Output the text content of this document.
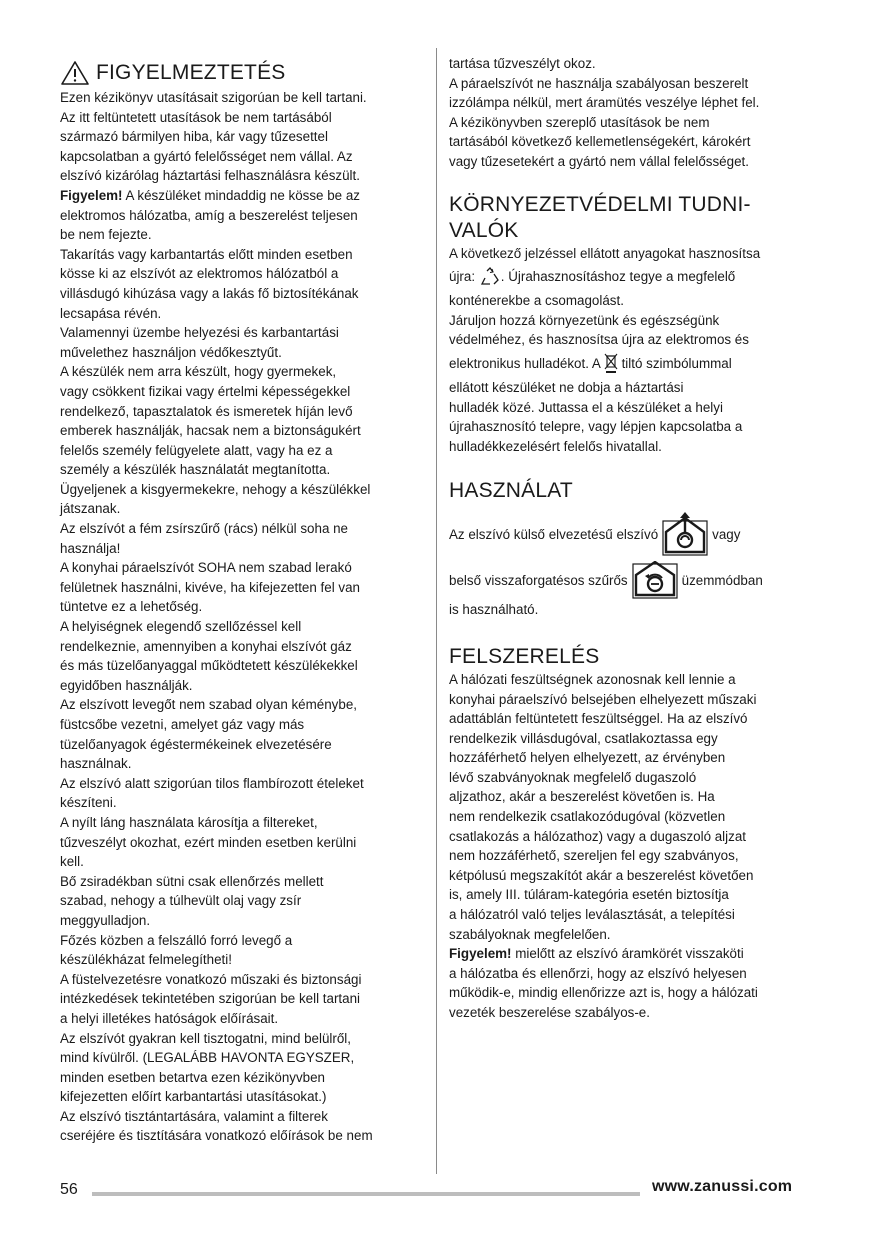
FIGYELMEZTETÉS
Ezen kézikönyv utasításait szigorúan be kell tartani.
Az itt feltüntetett utasítások be nem tartásából
származó bármilyen hiba, kár vagy tűzesettel
kapcsolatban a gyártó felelősséget nem vállal. Az
elszívó kizárólag háztartási felhasználásra készült.
Figyelem! A készüléket mindaddig ne kösse be az
elektromos hálózatba, amíg a beszerelést teljesen
be nem fejezte.
Takarítás vagy karbantartás előtt minden esetben
kösse ki az elszívót az elektromos hálózatból a
villásdugó kihúzása vagy a lakás fő biztosítékának
lecsapása révén.
Valamennyi üzembe helyezési és karbantartási
művelethez használjon védőkesztyűt.
A készülék nem arra készült, hogy gyermekek,
vagy csökkent fizikai vagy értelmi képességekkel
rendelkező, tapasztalatok és ismeretek híján levő
emberek használják, hacsak nem a biztonságukért
felelős személy felügyelete alatt, vagy ha ez a
személy a készülék használatát megtanította.
Ügyeljenek a kisgyermekekre, nehogy a készülékkel
játszanak.
Az elszívót a fém zsírszűrő (rács) nélkül soha ne
használja!
A konyhai páraelszívót SOHA nem szabad lerakó
felületnek használni, kivéve, ha kifejezetten fel van
tüntetve ez a lehetőség.
A helyiségnek elegendő szellőzéssel kell
rendelkeznie, amennyiben a konyhai elszívót gáz
és más tüzelőanyaggal működtetett készülékekkel
egyidőben használják.
Az elszívott levegőt nem szabad olyan kéménybe,
füstcsőbe vezetni, amelyet gáz vagy más
tüzelőanyagok égéstermékeinek elvezetésére
használnak.
Az elszívó alatt szigorúan tilos flambírozott ételeket
készíteni.
A nyílt láng használata károsítja a filtereket,
tűzveszélyt okozhat, ezért minden esetben kerülni
kell.
Bő zsiradékban sütni csak ellenőrzés mellett
szabad, nehogy a túlhevült olaj vagy zsír
meggyulladjon.
Főzés közben a felszálló forró levegő a
készülékházat felmelegítheti!
A füstelvezetésre vonatkozó műszaki és biztonsági
intézkedések tekintetében szigorúan be kell tartani
a helyi illetékes hatóságok előírásait.
Az elszívót gyakran kell tisztogatni, mind belülről,
mind kívülről. (LEGALÁBB HAVONTA EGYSZER,
minden esetben betartva ezen kézikönyvben
kifejezetten előírt karbantartási utasításokat.)
Az elszívó tisztántartására, valamint a filterek
cseréjére és tisztítására vonatkozó előírások be nem
tartása tűzveszélyt okoz.
A páraelszívót ne használja szabályosan beszerelt
izzólámpa nélkül, mert áramütés veszélye léphet fel.
A kézikönyvben szereplő utasítások be nem
tartásából következő kellemetlenségekért, károkért
vagy tűzesetekért a gyártó nem vállal felelősséget.
KÖRNYEZETVÉDELMI TUDNI-
VALÓK
A következő jelzéssel ellátott anyagokat hasznosítsa
újra: . Újrahasznosításhoz tegye a megfelelő
konténerekbe a csomagolást.
Járuljon hozzá környezetünk és egészségünk
védelméhez, és hasznosítsa újra az elektromos és
elektronikus hulladékot. A  tiltó szimbólummal
ellátott készüléket ne dobja a háztartási
hulladék közé. Juttassa el a készüléket a helyi
újrahasznosító telepre, vagy lépjen kapcsolatba a
hulladékkezelésért felelős hivatallal.
HASZNÁLAT
Az elszívó külső elvezetésű elszívó	vagy
belső visszaforgatésos szűrős	üzemmódban
is használható.
FELSZERELÉS
A hálózati feszültségnek azonosnak kell lennie a
konyhai páraelszívó belsejében elhelyezett műszaki
adattáblán feltüntetett feszültséggel. Ha az elszívó
rendelkezik villásdugóval, csatlakoztassa egy
hozzáférhető helyen elhelyezett, az érvényben
lévő szabványoknak megfelelő dugaszoló
aljzathoz, akár a beszerelést követően is. Ha
nem rendelkezik csatlakozódugóval (közvetlen
csatlakozás a hálózathoz) vagy a dugaszoló aljzat
nem hozzáférhető, szereljen fel egy szabványos,
kétpólusú megszakítót akár a beszerelést követően
is, amely III. túláram-kategória esetén biztosítja
a hálózatról való teljes leválasztását, a telepítési
szabályoknak megfelelően.
Figyelem! mielőtt az elszívó áramkörét visszaköti
a hálózatba és ellenőrzi, hogy az elszívó helyesen
működik-e, mindig ellenőrizze azt is, hogy a hálózati
vezeték beszerelése szabályos-e.
56	www.zanussi.com
